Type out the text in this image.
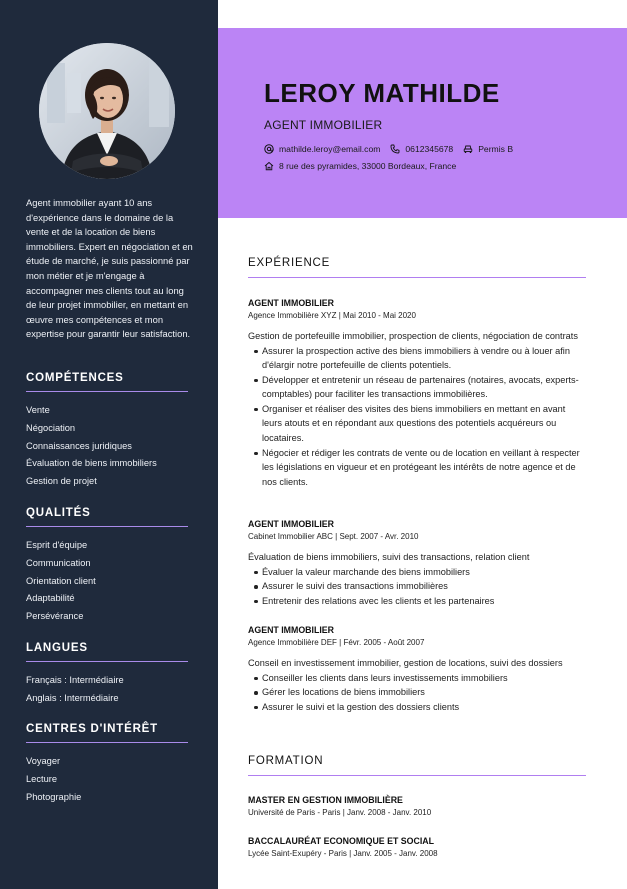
Agent immobilier ayant 10 ans d'expérience dans le domaine de la vente et de la location de biens immobiliers. Expert en négociation et en étude de marché, je suis passionné par mon métier et je m'engage à accompagner mes clients tout au long de leur projet immobilier, en mettant en œuvre mes compétences et mon expertise pour garantir leur satisfaction.
COMPÉTENCES
Vente
Négociation
Connaissances juridiques
Évaluation de biens immobiliers
Gestion de projet
QUALITÉS
Esprit d'équipe
Communication
Orientation client
Adaptabilité
Persévérance
LANGUES
Français : Intermédiaire
Anglais : Intermédiaire
CENTRES D'INTÉRÊT
Voyager
Lecture
Photographie
LEROY MATHILDE
AGENT IMMOBILIER
mathilde.leroy@email.com	0612345678	Permis B
8 rue des pyramides, 33000 Bordeaux, France
EXPÉRIENCE
AGENT IMMOBILIER
Agence Immobilière XYZ | Mai 2010 - Mai 2020
Gestion de portefeuille immobilier, prospection de clients, négociation de contrats
Assurer la prospection active des biens immobiliers à vendre ou à louer afin d'élargir notre portefeuille de clients potentiels.
Développer et entretenir un réseau de partenaires (notaires, avocats, experts-comptables) pour faciliter les transactions immobilières.
Organiser et réaliser des visites des biens immobiliers en mettant en avant leurs atouts et en répondant aux questions des potentiels acquéreurs ou locataires.
Négocier et rédiger les contrats de vente ou de location en veillant à respecter les législations en vigueur et en protégeant les intérêts de notre agence et de nos clients.
AGENT IMMOBILIER
Cabinet Immobilier ABC | Sept. 2007 - Avr. 2010
Évaluation de biens immobiliers, suivi des transactions, relation client
Évaluer la valeur marchande des biens immobiliers
Assurer le suivi des transactions immobilières
Entretenir des relations avec les clients et les partenaires
AGENT IMMOBILIER
Agence Immobilière DEF | Févr. 2005 - Août 2007
Conseil en investissement immobilier, gestion de locations, suivi des dossiers
Conseiller les clients dans leurs investissements immobiliers
Gérer les locations de biens immobiliers
Assurer le suivi et la gestion des dossiers clients
FORMATION
MASTER EN GESTION IMMOBILIÈRE
Université de Paris - Paris | Janv. 2008 - Janv. 2010
BACCALAURÉAT ECONOMIQUE ET SOCIAL
Lycée Saint-Exupéry - Paris | Janv. 2005 - Janv. 2008
